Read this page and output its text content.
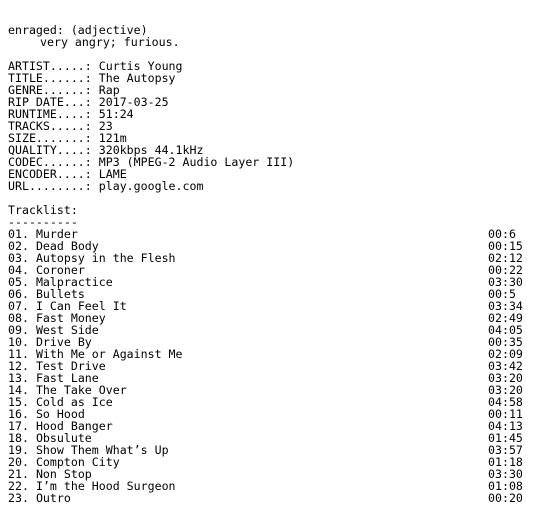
enraged: (adjective)
very angry; furious.
ARTIST.....: Curtis Young
TITLE......: The Autopsy
GENRE......: Rap
RIP DATE...: 2017-03-25
RUNTIME....: 51:24
TRACKS.....: 23
SIZE.......: 121m
QUALITY....: 320kbps 44.1kHz
CODEC......: MP3 (MPEG-2 Audio Layer III)
ENCODER....: LAME
URL........: play.google.com
Tracklist:
----------
01. Murder	00:6
02. Dead Body	00:15
03. Autopsy in the Flesh	02:12
04. Coroner	00:22
05. Malpractice	03:30
06. Bullets	00:5
07. I Can Feel It	03:34
08. Fast Money	02:49
09. West Side	04:05
10. Drive By	00:35
11. With Me or Against Me	02:09
12. Test Drive	03:42
13. Fast Lane	03:20
14. The Take Over	03:20
15. Cold as Ice	04:58
16. So Hood	00:11
17. Hood Banger	04:13
18. Obsulute	01:45
19. Show Them What’s Up	03:57
20. Compton City	01:18
21. Non Stop	03:30
22. I’m the Hood Surgeon	01:08
23. Outro	00:20
